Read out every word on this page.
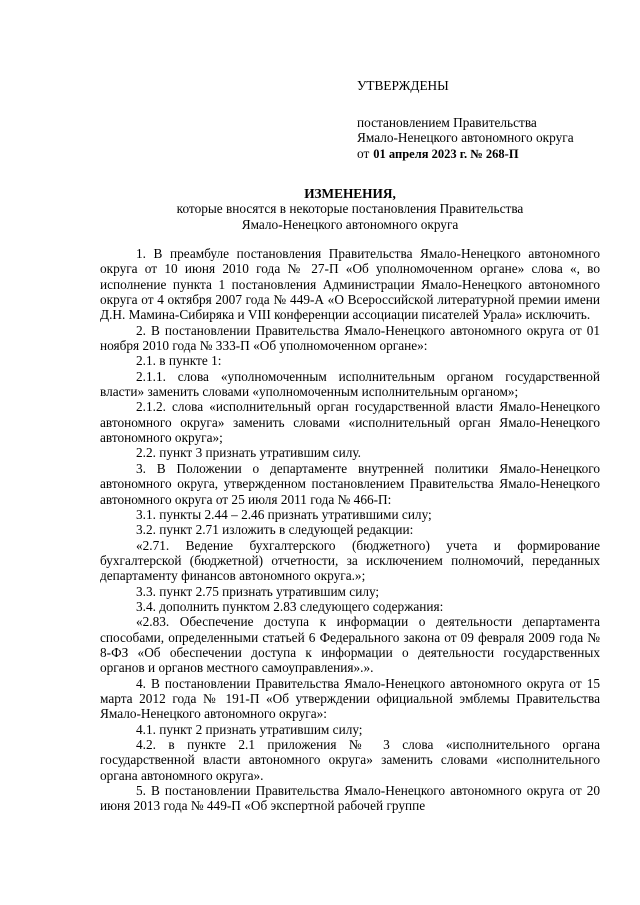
УТВЕРЖДЕНЫ
постановлением Правительства
Ямало-Ненецкого автономного округа
от 01 апреля 2023 г. № 268-П
ИЗМЕНЕНИЯ,
которые вносятся в некоторые постановления Правительства
Ямало-Ненецкого автономного округа

1. В преамбуле постановления Правительства Ямало-Ненецкого автономного округа от 10 июня 2010 года № 27-П «Об уполномоченном органе» слова «, во исполнение пункта 1 постановления Администрации Ямало-Ненецкого автономного округа от 4 октября 2007 года № 449-А «О Всероссийской литературной премии имени Д.Н. Мамина-Сибиряка и VIII конференции ассоциации писателей Урала» исключить.

2. В постановлении Правительства Ямало-Ненецкого автономного округа от 01 ноября 2010 года № 333-П «Об уполномоченном органе»:

2.1. в пункте 1:

2.1.1. слова «уполномоченным исполнительным органом государственной власти» заменить словами «уполномоченным исполнительным органом»;

2.1.2. слова «исполнительный орган государственной власти Ямало-Ненецкого автономного округа» заменить словами «исполнительный орган Ямало-Ненецкого автономного округа»;

2.2. пункт 3 признать утратившим силу.

3. В Положении о департаменте внутренней политики Ямало-Ненецкого автономного округа, утвержденном постановлением Правительства Ямало-Ненецкого автономного округа от 25 июля 2011 года № 466-П:

3.1. пункты 2.44 – 2.46 признать утратившими силу;

3.2. пункт 2.71 изложить в следующей редакции:

«2.71. Ведение бухгалтерского (бюджетного) учета и формирование бухгалтерской (бюджетной) отчетности, за исключением полномочий, переданных департаменту финансов автономного округа.»;

3.3. пункт 2.75 признать утратившим силу;

3.4. дополнить пунктом 2.83 следующего содержания:

«2.83. Обеспечение доступа к информации о деятельности департамента способами, определенными статьей 6 Федерального закона от 09 февраля 2009 года № 8-ФЗ «Об обеспечении доступа к информации о деятельности государственных органов и органов местного самоуправления».».

4. В постановлении Правительства Ямало-Ненецкого автономного округа от 15 марта 2012 года № 191-П «Об утверждении официальной эмблемы Правительства Ямало-Ненецкого автономного округа»:

4.1. пункт 2 признать утратившим силу;

4.2. в пункте 2.1 приложения № 3 слова «исполнительного органа государственной власти автономного округа» заменить словами «исполнительного органа автономного округа».

5. В постановлении Правительства Ямало-Ненецкого автономного округа от 20 июня 2013 года № 449-П «Об экспертной рабочей группе
